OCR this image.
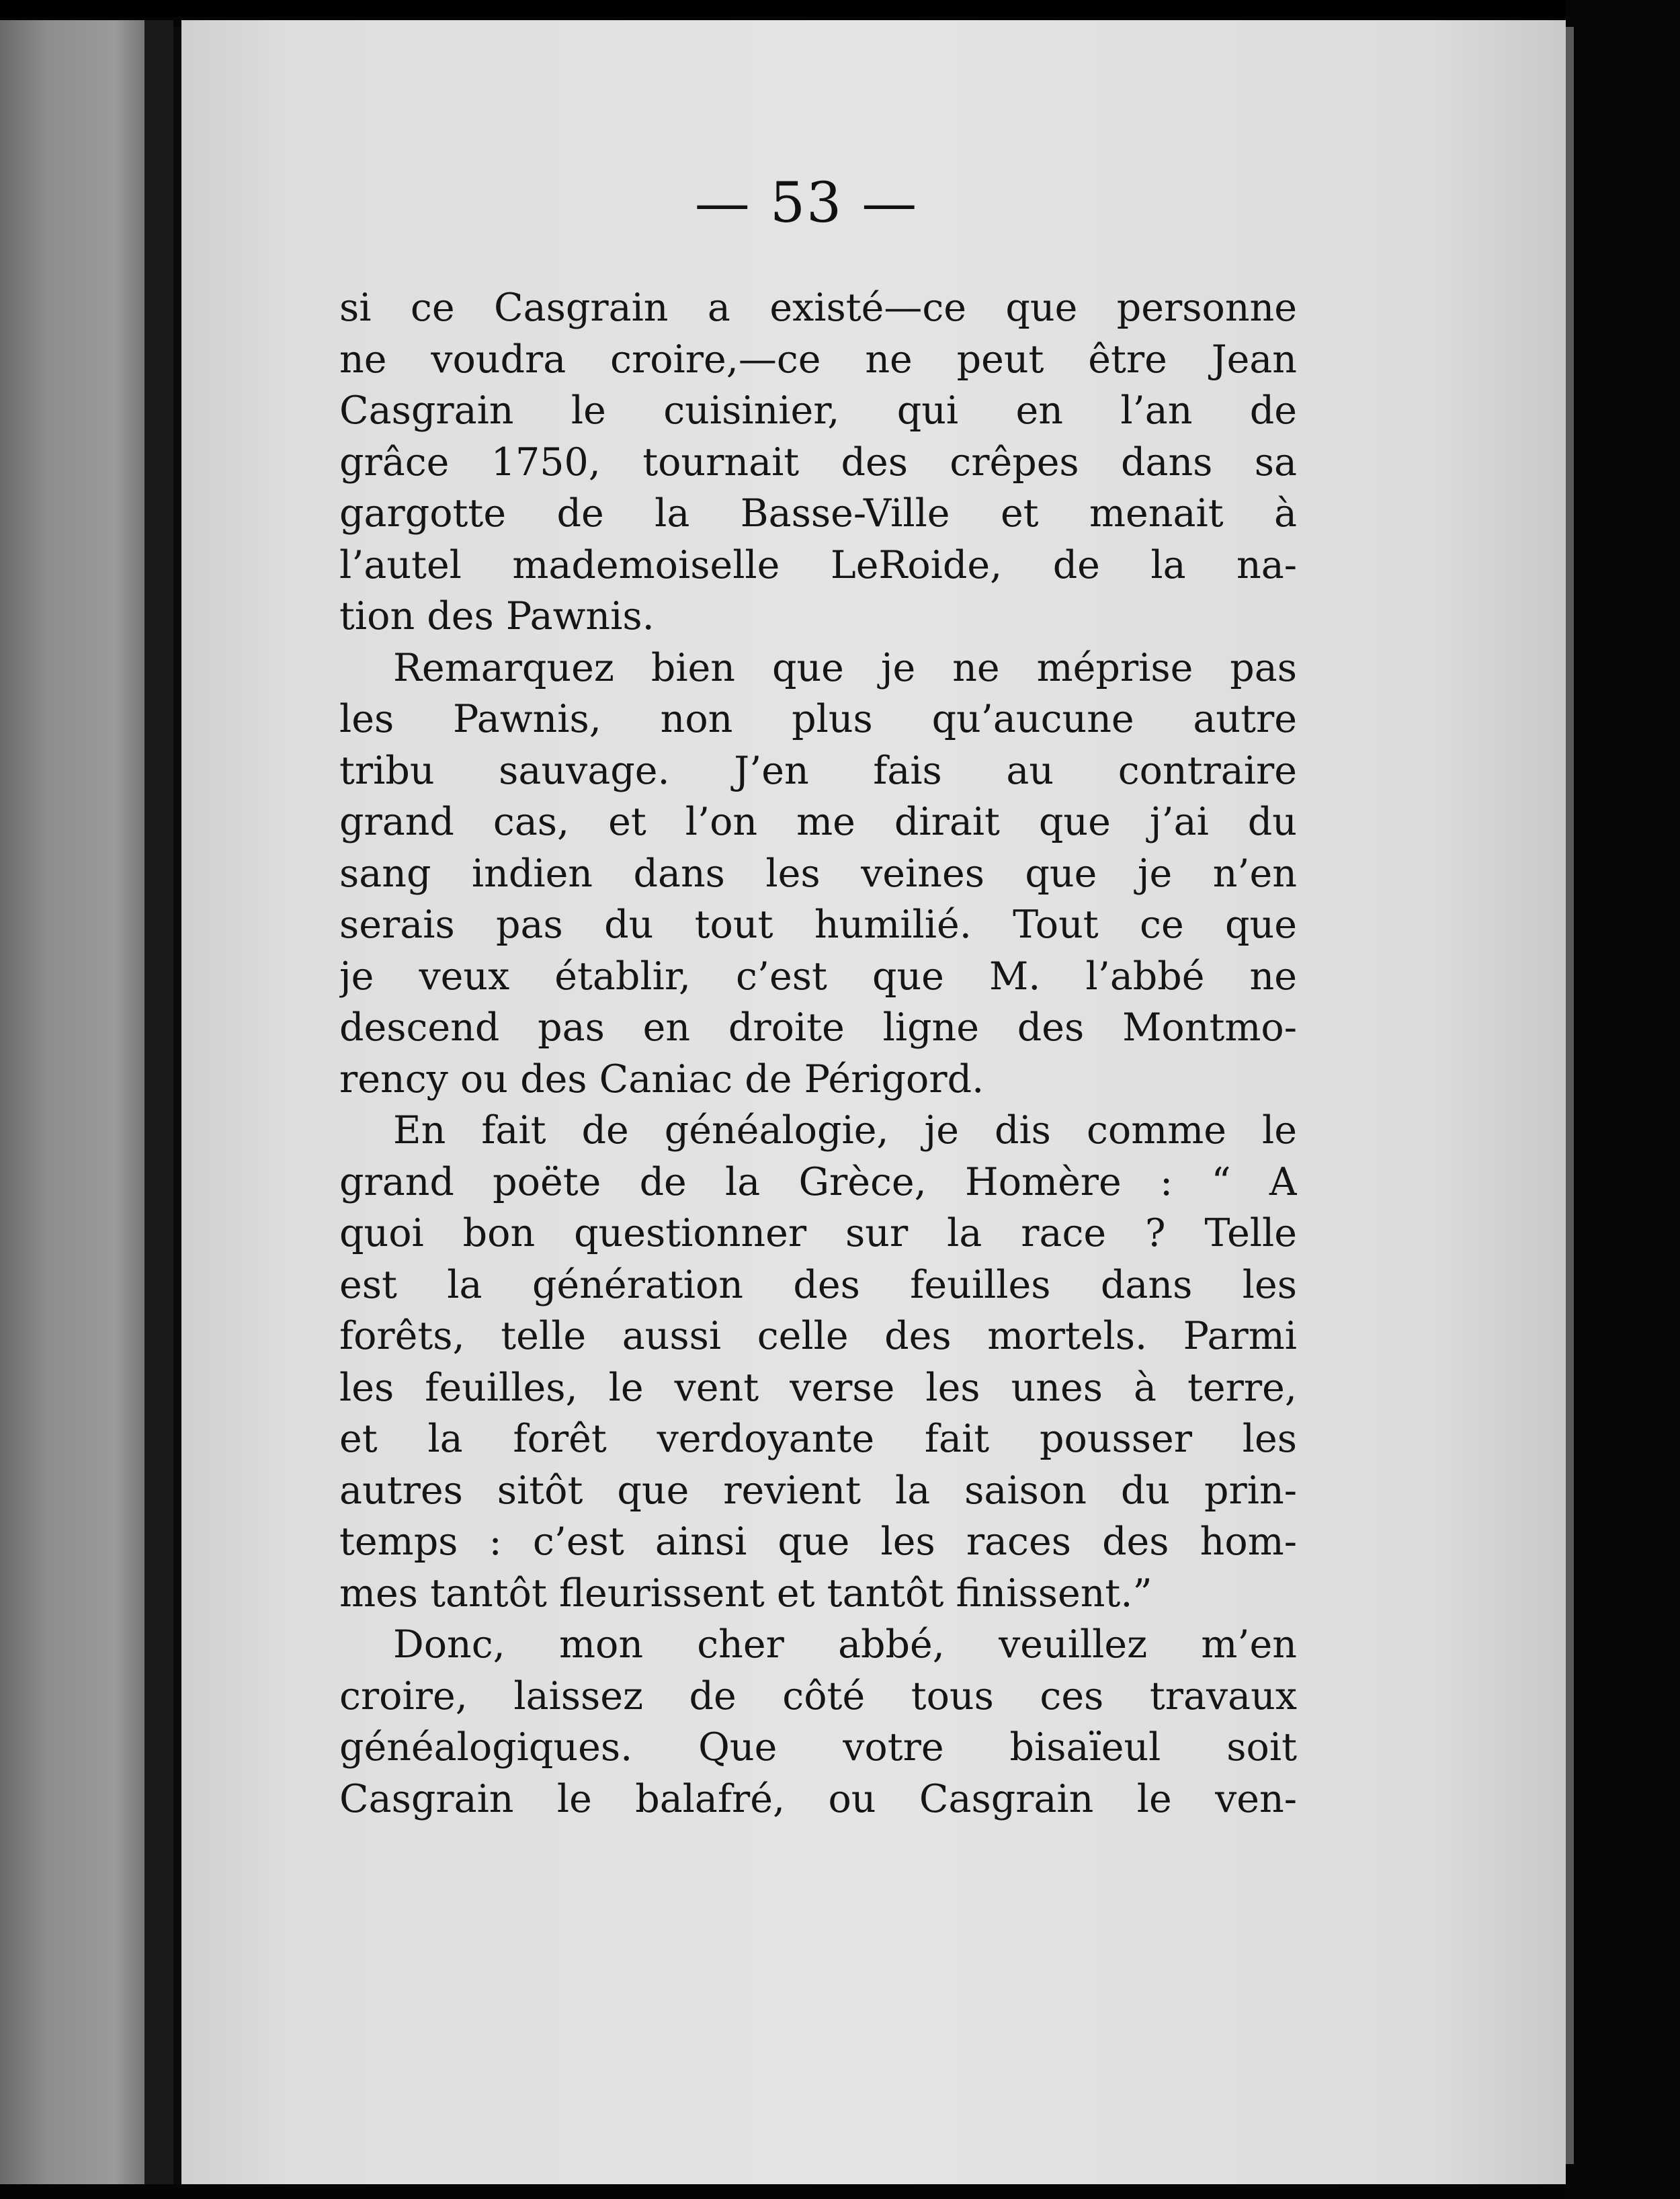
— 53 —
si ce Casgrain a existé—ce que personne
ne voudra croire,—ce ne peut être Jean
Casgrain le cuisinier, qui en l’an de
grâce 1750, tournait des crêpes dans sa
gargotte de la Basse-Ville et menait à
l’autel mademoiselle LeRoide, de la na-
tion des Pawnis.
Remarquez bien que je ne méprise pas
les Pawnis, non plus qu’aucune autre
tribu sauvage. J’en fais au contraire
grand cas, et l’on me dirait que j’ai du
sang indien dans les veines que je n’en
serais pas du tout humilié. Tout ce que
je veux établir, c’est que M. l’abbé ne
descend pas en droite ligne des Montmo-
rency ou des Caniac de Périgord.
En fait de généalogie, je dis comme le
grand poëte de la Grèce, Homère : “ A
quoi bon questionner sur la race ? Telle
est la génération des feuilles dans les
forêts, telle aussi celle des mortels. Parmi
les feuilles, le vent verse les unes à terre,
et la forêt verdoyante fait pousser les
autres sitôt que revient la saison du prin-
temps : c’est ainsi que les races des hom-
mes tantôt fleurissent et tantôt finissent.”
Donc, mon cher abbé, veuillez m’en
croire, laissez de côté tous ces travaux
généalogiques. Que votre bisaïeul soit
Casgrain le balafré, ou Casgrain le ven-
